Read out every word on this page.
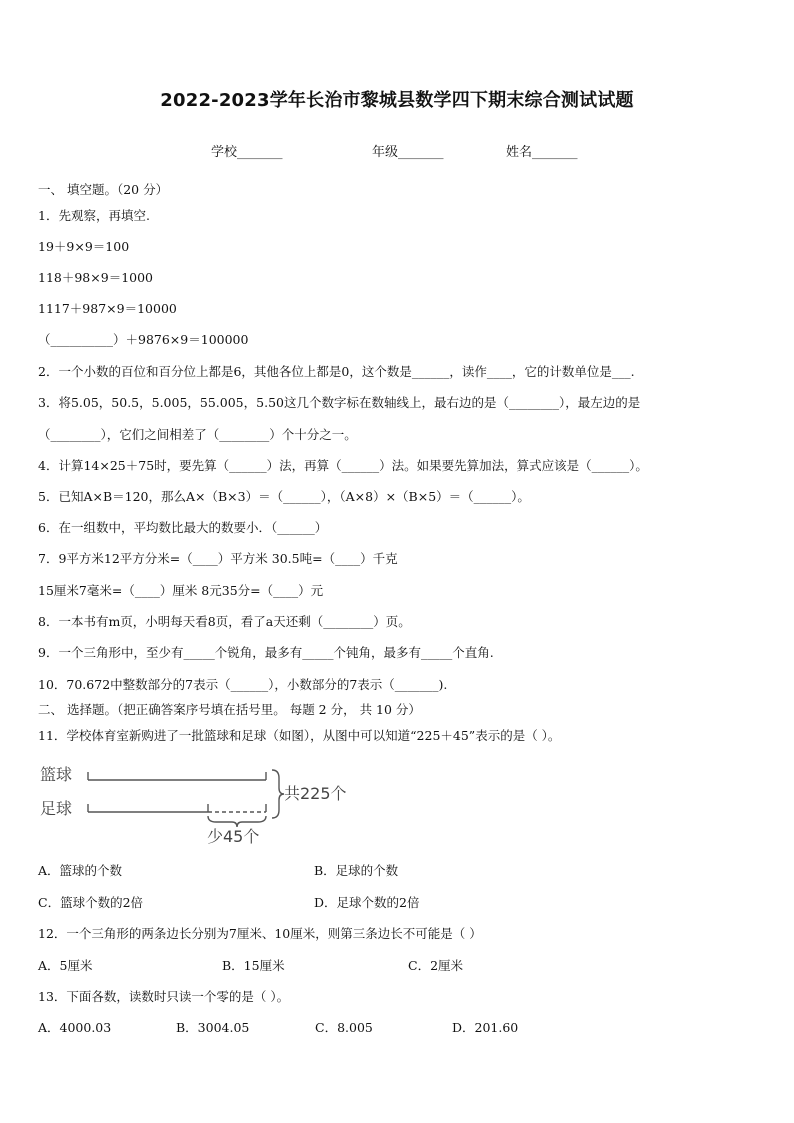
2022-2023学年长治市黎城县数学四下期末综合测试试题
学校_______	年级_______	姓名_______
一、 填空题。（20 分）
1．先观察，再填空.
19＋9×9＝100
118＋98×9＝1000
1117＋987×9＝10000
（__________）＋9876×9＝100000
2．一个小数的百位和百分位上都是6，其他各位上都是0，这个数是______，读作____，它的计数单位是___.
3．将5.05，50.5，5.005，55.005，5.50这几个数字标在数轴线上，最右边的是（________），最左边的是
（________），它们之间相差了（________）个十分之一。
4．计算14×25＋75时，要先算（______）法，再算（______）法。如果要先算加法，算式应该是（______）。
5．已知A×B＝120，那么A×（B×3）＝（______），（A×8）×（B×5）＝（______）。
6．在一组数中，平均数比最大的数要小．（______）
7．9平方米12平方分米=（____）平方米 30.5吨=（____）千克
15厘米7毫米=（____）厘米 8元35分=（____）元
8．一本书有m页，小明每天看8页，看了a天还剩（________）页。
9．一个三角形中，至少有_____个锐角，最多有_____个钝角，最多有_____个直角.
10．70.672中整数部分的7表示（______），小数部分的7表示（_______).
二、 选择题。（把正确答案序号填在括号里。 每题 2 分， 共 10 分）
11．学校体育室新购进了一批篮球和足球（如图），从图中可以知道“225＋45”表示的是（ ）。
篮球
足球
共225个
少45个
A．篮球的个数	B．足球的个数
C．篮球个数的2倍	D．足球个数的2倍
12．一个三角形的两条边长分别为7厘米、10厘米，则第三条边长不可能是（ ）
A．5厘米	B．15厘米	C．2厘米
13．下面各数，读数时只读一个零的是（ ）。
A．4000.03	B．3004.05	C．8.005	D．201.60
